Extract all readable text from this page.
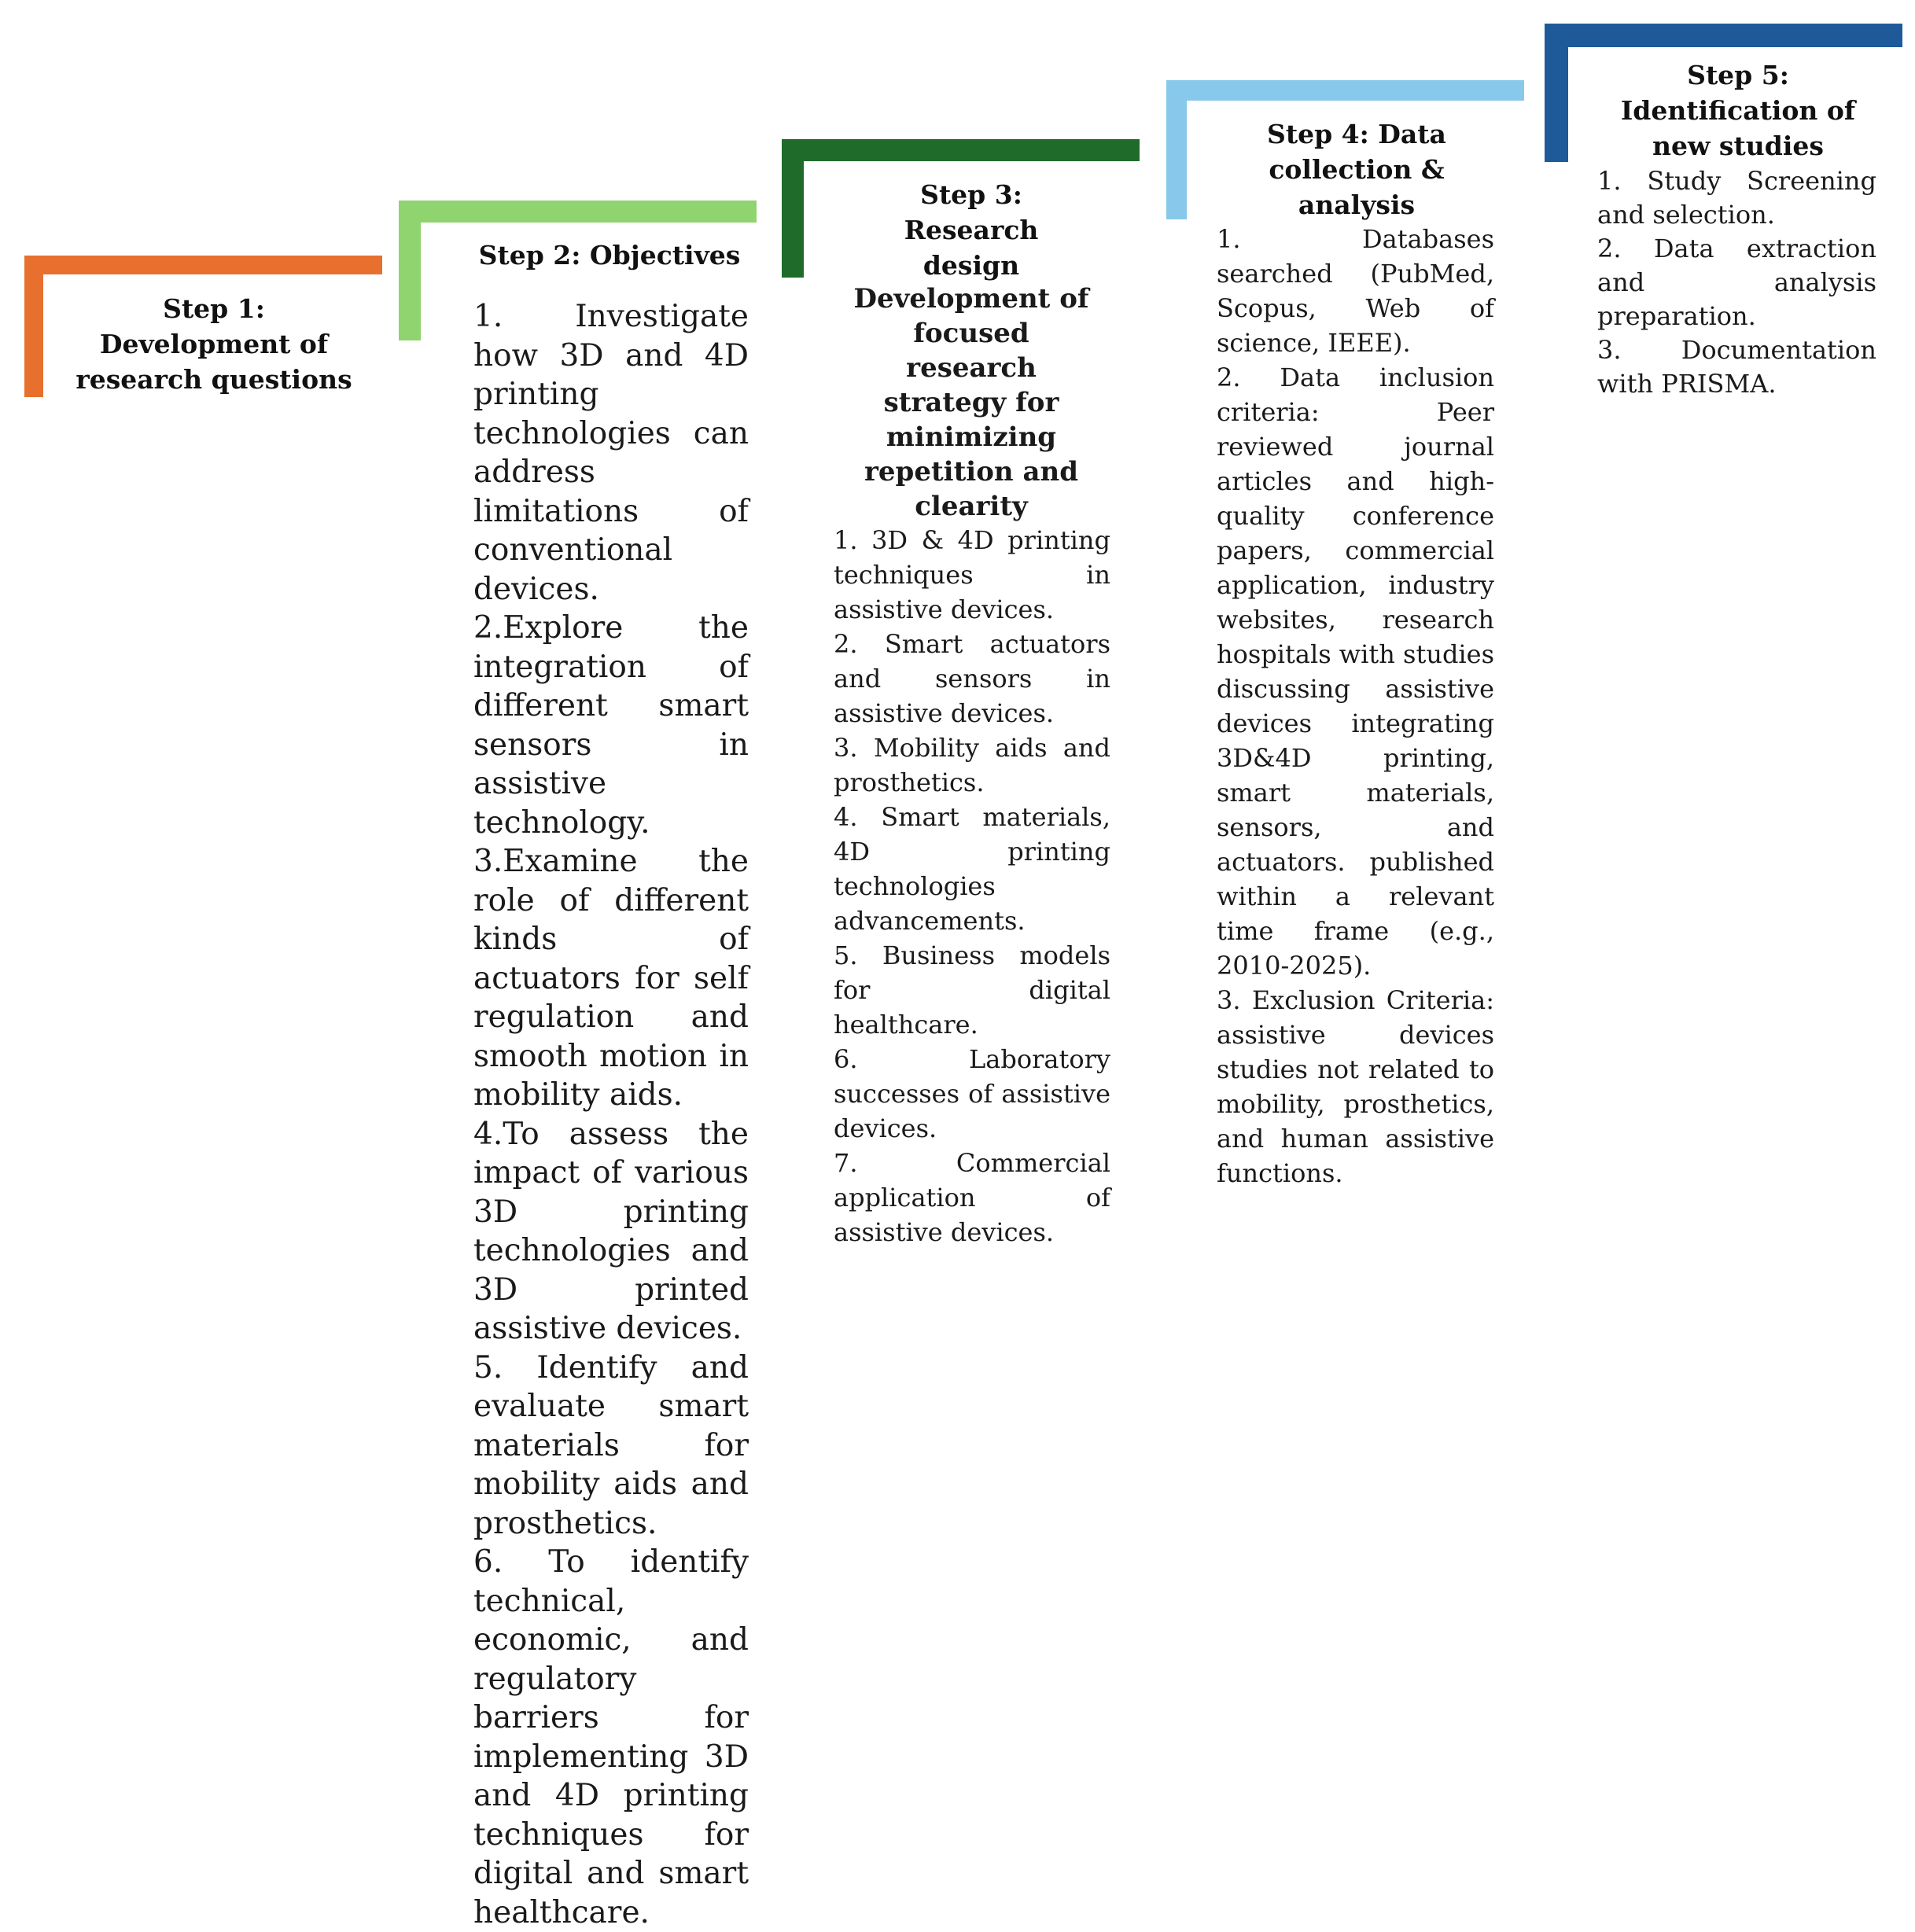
Step 1: Development of research questions
Step 2: Objectives
1. Investigate how 3D and 4D printing technologies can address limitations of conventional devices.
2.Explore the integration of different smart sensors in assistive technology.
3.Examine the role of different kinds of actuators for self regulation and smooth motion in mobility aids.
4.To assess the impact of various 3D printing technologies and 3D printed assistive devices.
5. Identify and evaluate smart materials for mobility aids and prosthetics.
6. To identify technical, economic, and regulatory barriers for implementing 3D and 4D printing techniques for digital and smart healthcare.
Step 3: Research design
Development of focused research strategy for minimizing repetition and clearity
1. 3D & 4D printing techniques in assistive devices.
2. Smart actuators and sensors in assistive devices.
3. Mobility aids and prosthetics.
4. Smart materials, 4D printing technologies advancements.
5. Business models for digital healthcare.
6. Laboratory successes of assistive devices.
7. Commercial application of assistive devices.
Step 4: Data collection & analysis
1. Databases searched (PubMed, Scopus, Web of science, IEEE).
2. Data inclusion criteria: Peer reviewed journal articles and high-quality conference papers, commercial application, industry websites, research hospitals with studies discussing assistive devices integrating 3D&4D printing, smart materials, sensors, and actuators. published within a relevant time frame (e.g., 2010-2025).
3. Exclusion Criteria: assistive devices studies not related to mobility, prosthetics, and human assistive functions.
Step 5: Identification of new studies
1. Study Screening and selection.
2. Data extraction and analysis preparation.
3. Documentation with PRISMA.
